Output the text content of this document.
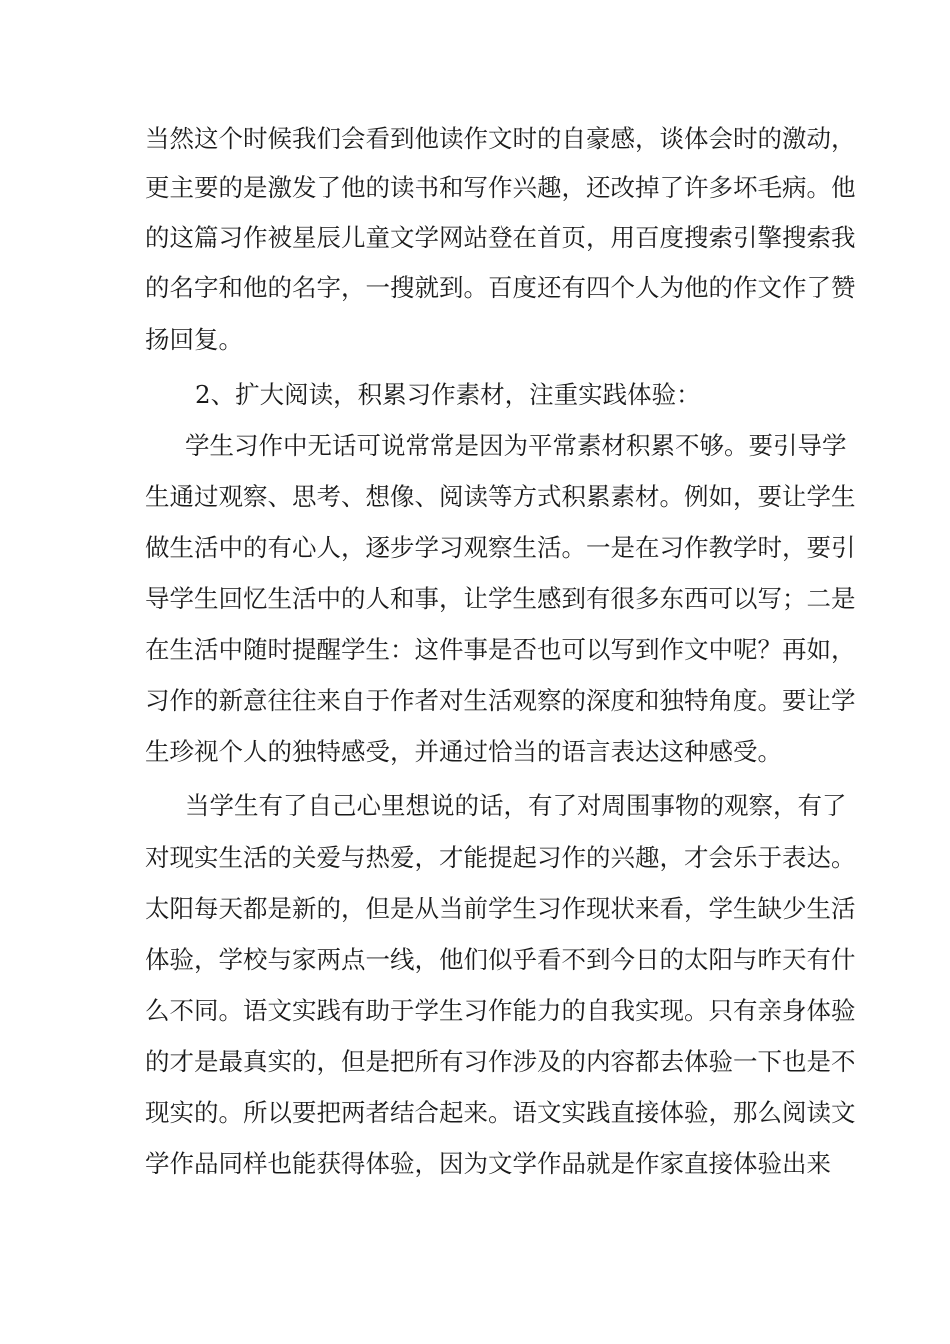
当然这个时候我们会看到他读作文时的自豪感，谈体会时的激动，
更主要的是激发了他的读书和写作兴趣，还改掉了许多坏毛病。他
的这篇习作被星辰儿童文学网站登在首页，用百度搜索引擎搜索我
的名字和他的名字，一搜就到。百度还有四个人为他的作文作了赞
扬回复。
2、扩大阅读，积累习作素材，注重实践体验：
学生习作中无话可说常常是因为平常素材积累不够。要引导学
生通过观察、思考、想像、阅读等方式积累素材。例如，要让学生
做生活中的有心人，逐步学习观察生活。一是在习作教学时，要引
导学生回忆生活中的人和事，让学生感到有很多东西可以写；二是
在生活中随时提醒学生：这件事是否也可以写到作文中呢？再如，
习作的新意往往来自于作者对生活观察的深度和独特角度。要让学
生珍视个人的独特感受，并通过恰当的语言表达这种感受。
当学生有了自己心里想说的话，有了对周围事物的观察，有了
对现实生活的关爱与热爱，才能提起习作的兴趣，才会乐于表达。
太阳每天都是新的，但是从当前学生习作现状来看，学生缺少生活
体验，学校与家两点一线，他们似乎看不到今日的太阳与昨天有什
么不同。语文实践有助于学生习作能力的自我实现。只有亲身体验
的才是最真实的，但是把所有习作涉及的内容都去体验一下也是不
现实的。所以要把两者结合起来。语文实践直接体验，那么阅读文
学作品同样也能获得体验，因为文学作品就是作家直接体验出来
